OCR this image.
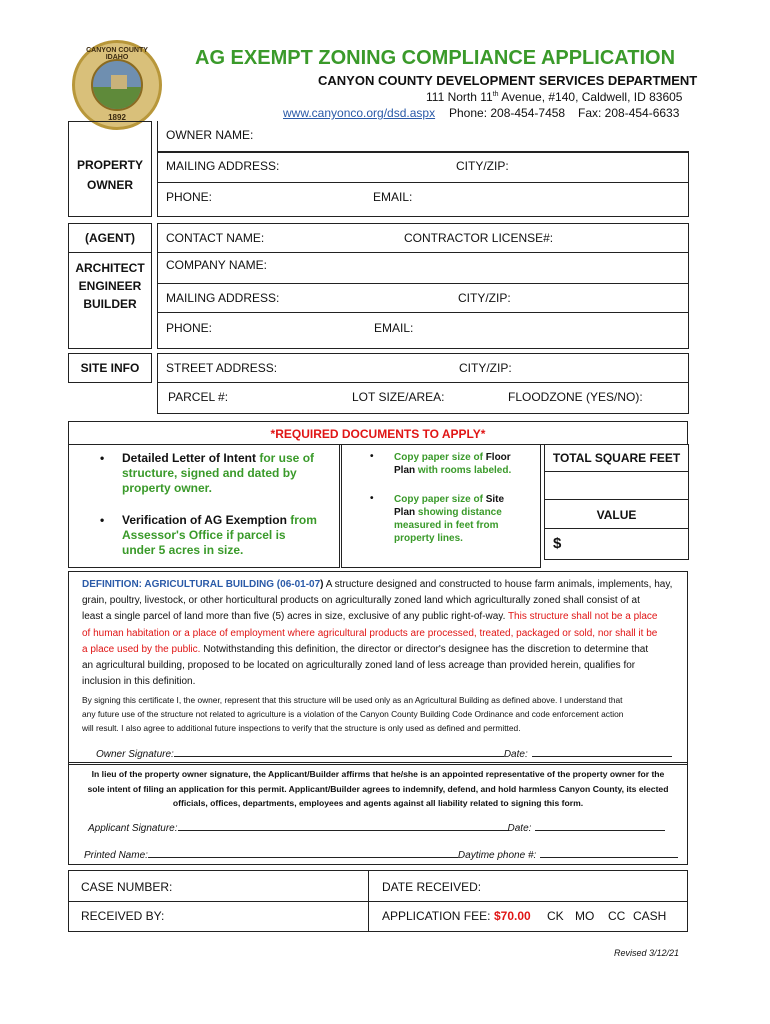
CANYON COUNTY IDAHO
1892
AG EXEMPT ZONING COMPLIANCE APPLICATION
CANYON COUNTY DEVELOPMENT SERVICES DEPARTMENT
111 North 11th Avenue, #140, Caldwell, ID 83605
www.canyonco.org/dsd.aspx Phone: 208-454-7458 Fax: 208-454-6633
PROPERTY
OWNER
OWNER NAME:
MAILING ADDRESS:	CITY/ZIP:
PHONE:	EMAIL:
(AGENT)
ARCHITECT
ENGINEER
BUILDER
CONTACT NAME:	CONTRACTOR LICENSE#:
COMPANY NAME:
MAILING ADDRESS:	CITY/ZIP:
PHONE:	EMAIL:
SITE INFO	STREET ADDRESS:	CITY/ZIP:
PARCEL #:	LOT SIZE/AREA:	FLOODZONE (YES/NO):
*REQUIRED DOCUMENTS TO APPLY*
• Detailed Letter of Intent for use of
structure, signed and dated by
property owner.
• Verification of AG Exemption from
Assessor's Office if parcel is
under 5 acres in size.
• Copy paper size of Floor
Plan with rooms labeled.
• Copy paper size of Site
Plan showing distance
measured in feet from
property lines.
TOTAL SQUARE FEET
VALUE
$
DEFINITION: AGRICULTURAL BUILDING (06-01-07) A structure designed and constructed to house farm animals, implements, hay,
grain, poultry, livestock, or other horticultural products on agriculturally zoned land which agriculturally zoned shall consist of at
least a single parcel of land more than five (5) acres in size, exclusive of any public right-of-way. This structure shall not be a place
of human habitation or a place of employment where agricultural products are processed, treated, packaged or sold, nor shall it be
a place used by the public. Notwithstanding this definition, the director or director's designee has the discretion to determine that
an agricultural building, proposed to be located on agriculturally zoned land of less acreage than provided herein, qualifies for
inclusion in this definition.
By signing this certificate I, the owner, represent that this structure will be used only as an Agricultural Building as defined above. I understand that
any future use of the structure not related to agriculture is a violation of the Canyon County Building Code Ordinance and code enforcement action
will result. I also agree to additional future inspections to verify that the structure is only used as defined and permitted.
Owner Signature:	Date:
In lieu of the property owner signature, the Applicant/Builder affirms that he/she is an appointed representative of the property owner for the
sole intent of filing an application for this permit. Applicant/Builder agrees to indemnify, defend, and hold harmless Canyon County, its elected
officials, offices, departments, employees and agents against all liability related to signing this form.
Applicant Signature:	Date:
Printed Name:	Daytime phone #:
CASE NUMBER:	DATE RECEIVED:
RECEIVED BY:	APPLICATION FEE: $70.00 CK MO CC CASH
Revised 3/12/21
